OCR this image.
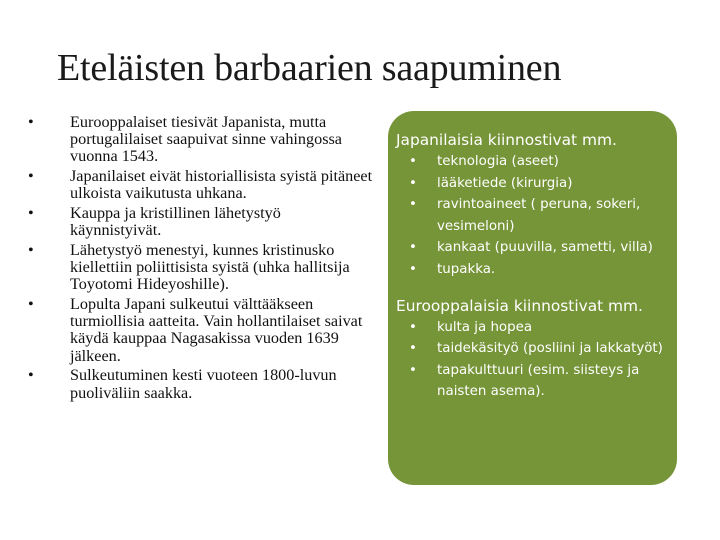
Eteläisten barbaarien saapuminen
• Eurooppalaiset tiesivät Japanista, mutta portugalilaiset saapuivat sinne vahingossa vuonna 1543.
• Japanilaiset eivät historiallisista syistä pitäneet ulkoista vaikutusta uhkana.
• Kauppa ja kristillinen lähetystyö käynnistyivät.
• Lähetystyö menestyi, kunnes kristinusko kiellettiin poliittisista syistä (uhka hallitsija Toyotomi Hideyoshille).
• Lopulta Japani sulkeutui välttääkseen turmiollisia aatteita. Vain hollantilaiset saivat käydä kauppaa Nagasakissa vuoden 1639 jälkeen.
• Sulkeutuminen kesti vuoteen 1800-luvun puoliväliin saakka.
Japanilaisia kiinnostivat mm.
• teknologia (aseet)
• lääketiede (kirurgia)
• ravintoaineet ( peruna, sokeri, vesimeloni)
• kankaat (puuvilla, sametti, villa)
• tupakka.
Eurooppalaisia kiinnostivat mm.
• kulta ja hopea
• taidekäsityö (posliini ja lakkatyöt)
• tapakulttuuri (esim. siisteys ja naisten asema).
